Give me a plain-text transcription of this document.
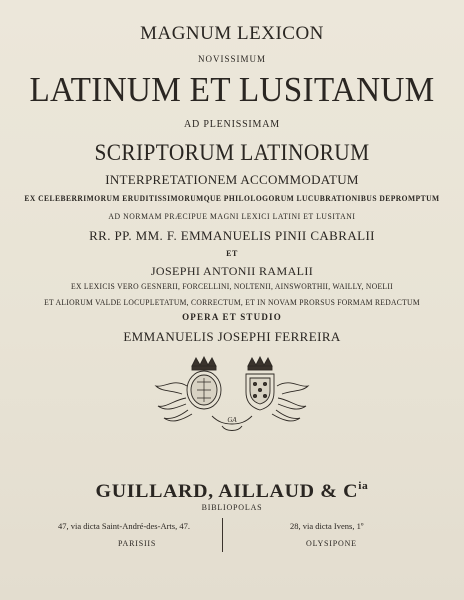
MAGNUM LEXICON
NOVISSIMUM
LATINUM ET LUSITANUM
AD PLENISSIMAM
SCRIPTORUM LATINORUM
INTERPRETATIONEM ACCOMMODATUM
EX CELEBERRIMORUM ERUDITISSIMORUMQUE PHILOLOGORUM LUCUBRATIONIBUS DEPROMPTUM
AD NORMAM PRÆCIPUE MAGNI LEXICI LATINI ET LUSITANI
RR. PP. MM. F. EMMANUELIS PINII CABRALII
ET
JOSEPHI ANTONII RAMALII
EX LEXICIS VERO GESNERII, FORCELLINI, NOLTENII, AINSWORTHII, WAILLY, NOELII
ET ALIORUM VALDE LOCUPLETATUM, CORRECTUM, ET IN NOVAM PRORSUS FORMAM REDACTUM
OPERA ET STUDIO
EMMANUELIS JOSEPHI FERREIRA
GA
GUILLARD, AILLAUD & $C^{ia}$
BIBLIOPOLAS
47, via dicta Saint-André-des-Arts, 47.	28, via dicta Ivens, 1º
PARISIIS	OLYSIPONE
